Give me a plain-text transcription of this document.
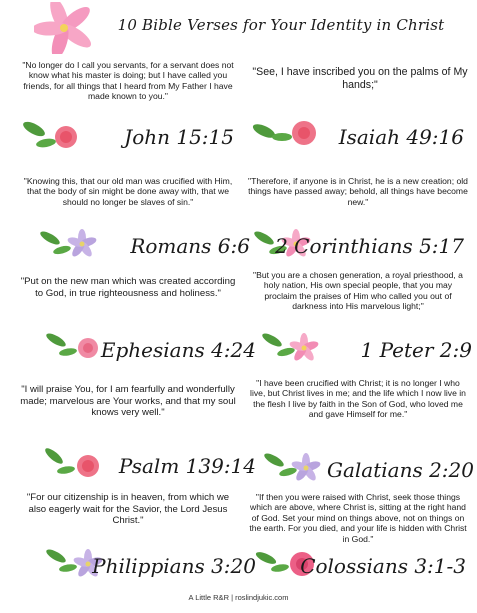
10 Bible Verses for Your Identity in Christ
"No longer do I call you servants, for a servant does not know what his master is doing; but I have called you friends, for all things that I heard from My Father I have made known to you."
John 15:15
"See, I have inscribed you on the palms of My hands;"
Isaiah 49:16
"Knowing this, that our old man was crucified with Him, that the body of sin might be done away with, that we should no longer be slaves of sin."
Romans 6:6
"Therefore, if anyone is in Christ, he is a new creation; old things have passed away; behold, all things have become new."
2 Corinthians 5:17
"Put on the new man which was created according to God, in true righteousness and holiness."
Ephesians 4:24
"But you are a chosen generation, a royal priesthood, a holy nation, His own special people, that you may proclaim the praises of Him who called you out of darkness into His marvelous light;"
1 Peter 2:9
"I will praise You, for I am fearfully and wonderfully made; marvelous are Your works, and that my soul knows very well."
Psalm 139:14
"I have been crucified with Christ; it is no longer I who live, but Christ lives in me; and the life which I now live in the flesh I live by faith in the Son of God, who loved me and gave Himself for me."
Galatians 2:20
"For our citizenship is in heaven, from which we also eagerly wait for the Savior, the Lord Jesus Christ."
Philippians 3:20
"If then you were raised with Christ, seek those things which are above, where Christ is, sitting at the right hand of God. Set your mind on things above, not on things on the earth. For you died, and your life is hidden with Christ in God."
Colossians 3:1-3
A Little R&R | roslindjukic.com
